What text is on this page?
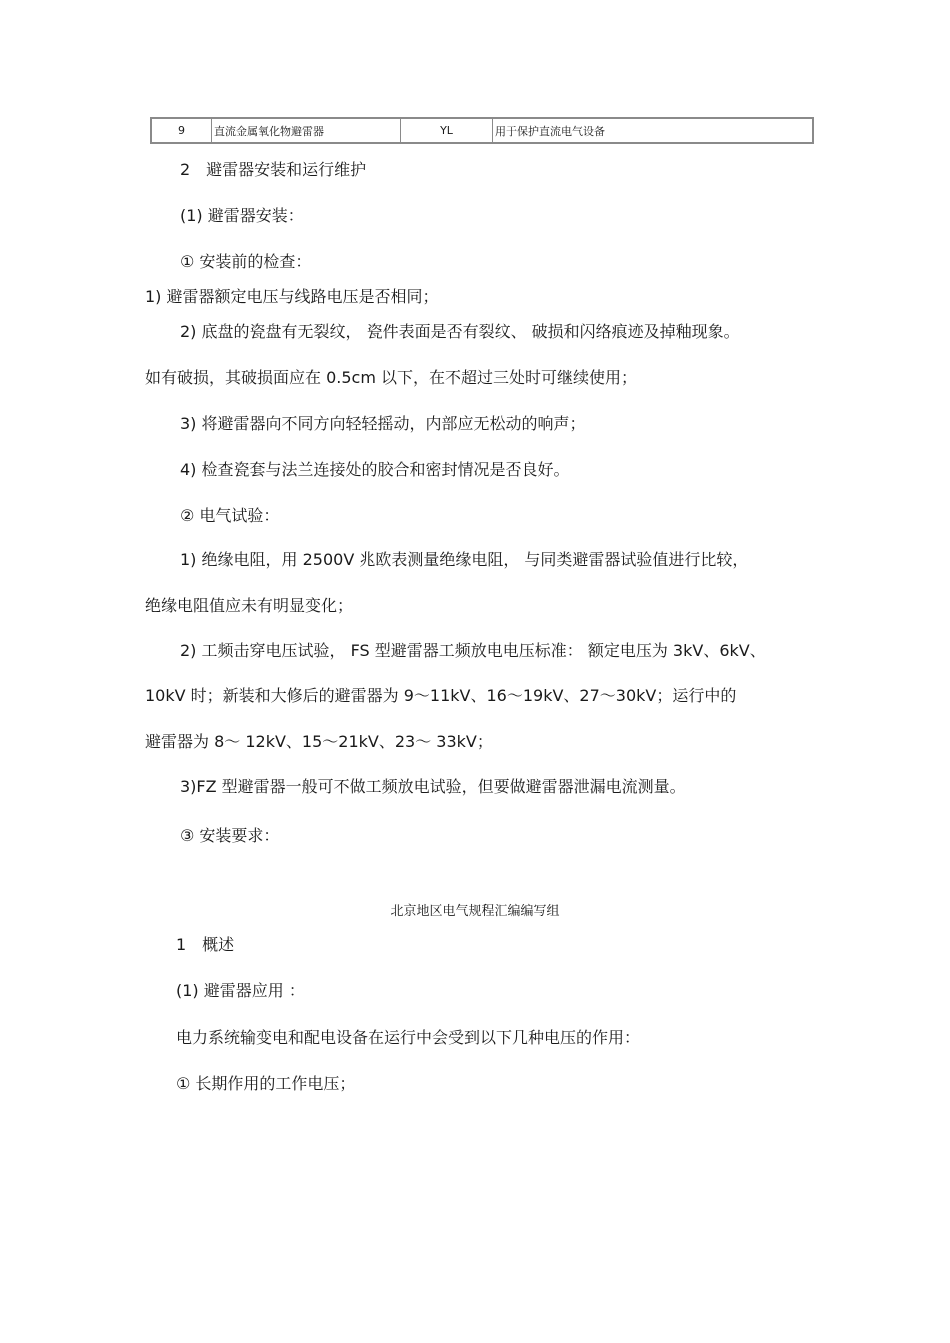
9	直流金属氧化物避雷器	YL	用于保护直流电气设备
2　避雷器安装和运行维护
(1) 避雷器安装：
① 安装前的检查：
1) 避雷器额定电压与线路电压是否相同；
2) 底盘的瓷盘有无裂纹， 瓷件表面是否有裂纹、 破损和闪络痕迹及掉釉现象。
如有破损，其破损面应在 0.5cm 以下，在不超过三处时可继续使用；
3) 将避雷器向不同方向轻轻摇动，内部应无松动的响声；
4) 检查瓷套与法兰连接处的胶合和密封情况是否良好。
② 电气试验：
1) 绝缘电阻，用 2500V 兆欧表测量绝缘电阻， 与同类避雷器试验值进行比较，
绝缘电阻值应未有明显变化；
2) 工频击穿电压试验， FS 型避雷器工频放电电压标准： 额定电压为 3kV、6kV、
10kV 时；新装和大修后的避雷器为 9～11kV、16～19kV、27～30kV；运行中的
避雷器为 8～ 12kV、15～21kV、23～ 33kV；
3)FZ 型避雷器一般可不做工频放电试验，但要做避雷器泄漏电流测量。
③ 安装要求：
北京地区电气规程汇编编写组
1　概述
(1) 避雷器应用 ：
电力系统输变电和配电设备在运行中会受到以下几种电压的作用：
① 长期作用的工作电压；
